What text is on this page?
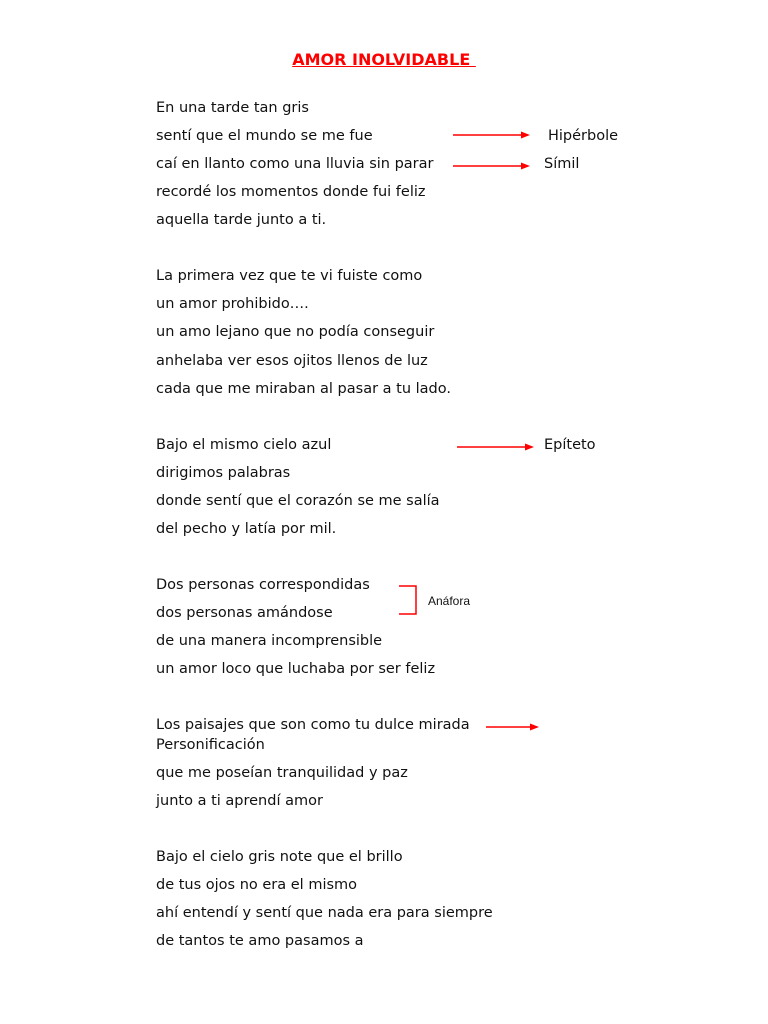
AMOR INOLVIDABLE
En una tarde tan gris
sentí que el mundo se me fue
caí en llanto como una lluvia sin parar
recordé los momentos donde fui feliz
aquella tarde junto a ti.
La primera vez que te vi fuiste como
un amor prohibido….
un amo lejano que no podía conseguir
anhelaba ver esos ojitos llenos de luz
cada que me miraban al pasar a tu lado.
Bajo el mismo cielo azul
dirigimos palabras
donde sentí que el corazón se me salía
del pecho y latía por mil.
Dos personas correspondidas
dos personas amándose
de una manera incomprensible
un amor loco que luchaba por ser feliz
Los paisajes que son como tu dulce mirada
Personificación
que me poseían tranquilidad y paz
junto a ti aprendí amor
Bajo el cielo gris note que el brillo
de tus ojos no era el mismo
ahí entendí y sentí que nada era para siempre
de tantos te amo pasamos a
Hipérbole
Símil
Epíteto
Anáfora
